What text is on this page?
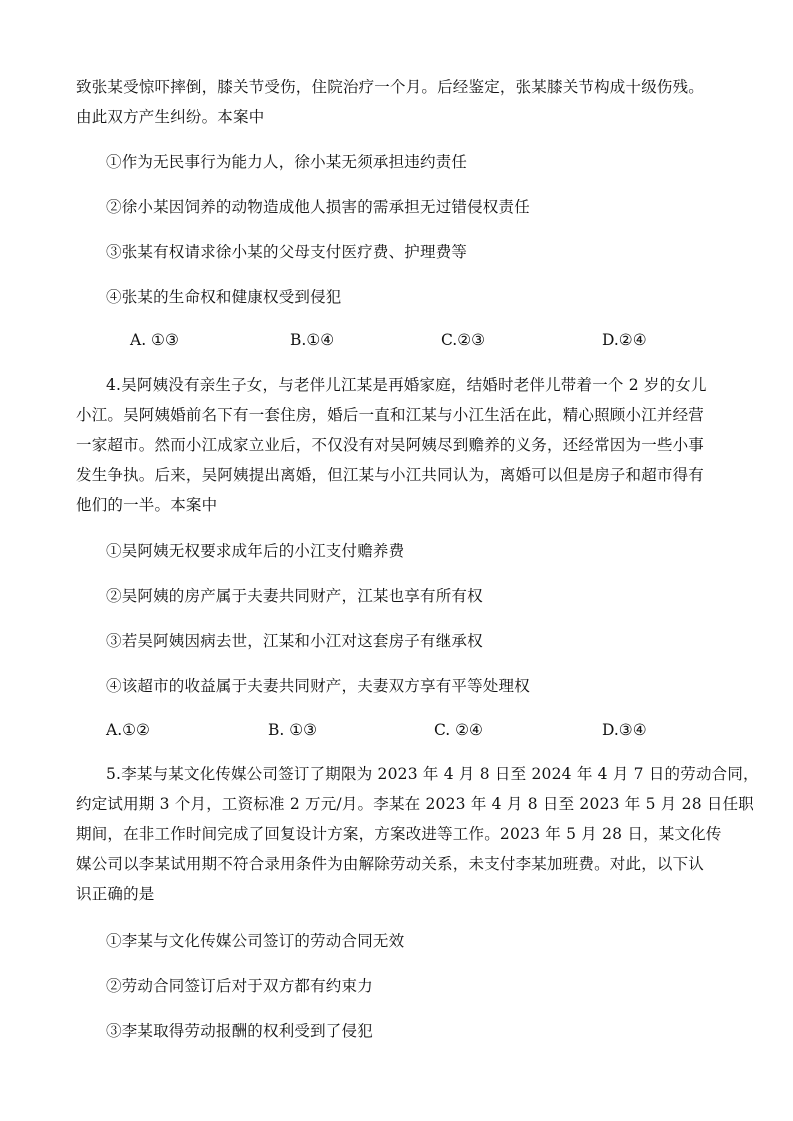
致张某受惊吓摔倒，膝关节受伤，住院治疗一个月。后经鉴定，张某膝关节构成十级伤残。
由此双方产生纠纷。本案中
①作为无民事行为能力人，徐小某无须承担违约责任
②徐小某因饲养的动物造成他人损害的需承担无过错侵权责任
③张某有权请求徐小某的父母支付医疗费、护理费等
④张某的生命权和健康权受到侵犯
A. ①③	B.①④	C.②③	D.②④
4.吴阿姨没有亲生子女，与老伴儿江某是再婚家庭，结婚时老伴儿带着一个 2 岁的女儿
小江。吴阿姨婚前名下有一套住房，婚后一直和江某与小江生活在此，精心照顾小江并经营
一家超市。然而小江成家立业后，不仅没有对吴阿姨尽到赡养的义务，还经常因为一些小事
发生争执。后来，吴阿姨提出离婚，但江某与小江共同认为，离婚可以但是房子和超市得有
他们的一半。本案中
①吴阿姨无权要求成年后的小江支付赡养费
②吴阿姨的房产属于夫妻共同财产，江某也享有所有权
③若吴阿姨因病去世，江某和小江对这套房子有继承权
④该超市的收益属于夫妻共同财产，夫妻双方享有平等处理权
A.①②	B. ①③	C. ②④	D.③④
5.李某与某文化传媒公司签订了期限为 2023 年 4 月 8 日至 2024 年 4 月 7 日的劳动合同，
约定试用期 3 个月，工资标准 2 万元/月。李某在 2023 年 4 月 8 日至 2023 年 5 月 28 日任职
期间，在非工作时间完成了回复设计方案，方案改进等工作。2023 年 5 月 28 日，某文化传
媒公司以李某试用期不符合录用条件为由解除劳动关系，未支付李某加班费。对此，以下认
识正确的是
①李某与文化传媒公司签订的劳动合同无效
②劳动合同签订后对于双方都有约束力
③李某取得劳动报酬的权利受到了侵犯
